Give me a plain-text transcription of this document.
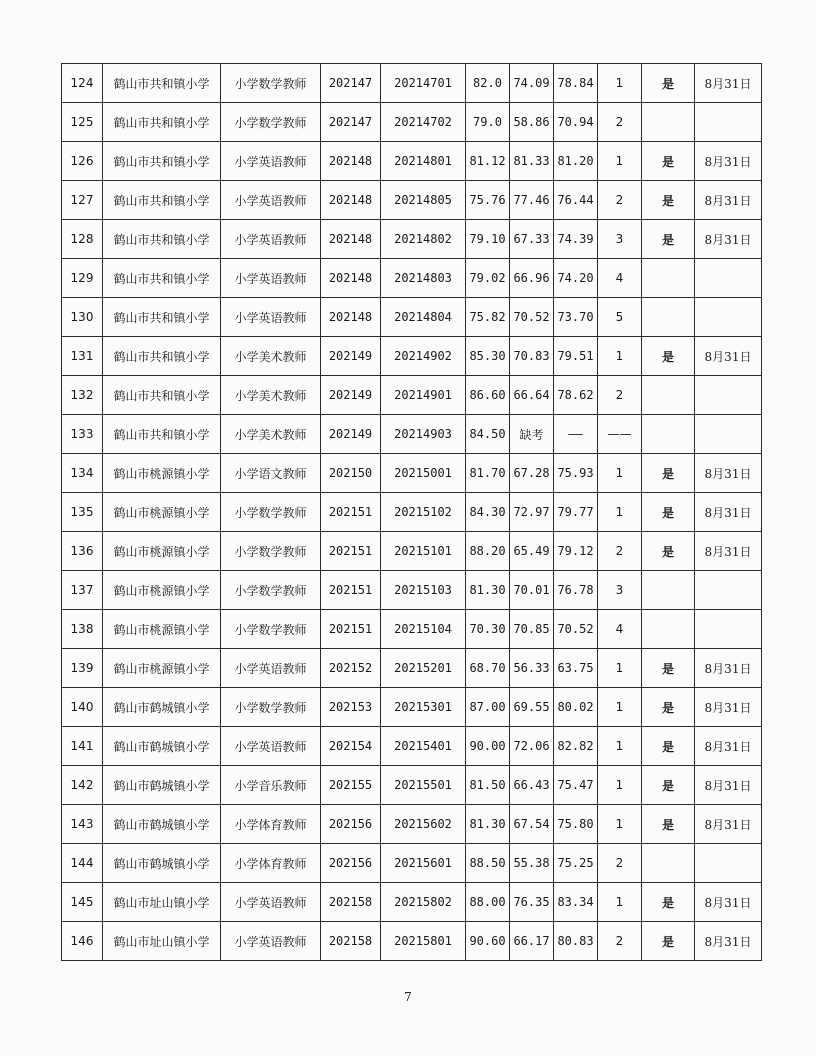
124	鹤山市共和镇小学	小学数学教师	202147	20214701	82.0	74.09	78.84	1	是	8月31日
125	鹤山市共和镇小学	小学数学教师	202147	20214702	79.0	58.86	70.94	2		
126	鹤山市共和镇小学	小学英语教师	202148	20214801	81.12	81.33	81.20	1	是	8月31日
127	鹤山市共和镇小学	小学英语教师	202148	20214805	75.76	77.46	76.44	2	是	8月31日
128	鹤山市共和镇小学	小学英语教师	202148	20214802	79.10	67.33	74.39	3	是	8月31日
129	鹤山市共和镇小学	小学英语教师	202148	20214803	79.02	66.96	74.20	4		
130	鹤山市共和镇小学	小学英语教师	202148	20214804	75.82	70.52	73.70	5		
131	鹤山市共和镇小学	小学美术教师	202149	20214902	85.30	70.83	79.51	1	是	8月31日
132	鹤山市共和镇小学	小学美术教师	202149	20214901	86.60	66.64	78.62	2		
133	鹤山市共和镇小学	小学美术教师	202149	20214903	84.50	缺考	——	——		
134	鹤山市桃源镇小学	小学语文教师	202150	20215001	81.70	67.28	75.93	1	是	8月31日
135	鹤山市桃源镇小学	小学数学教师	202151	20215102	84.30	72.97	79.77	1	是	8月31日
136	鹤山市桃源镇小学	小学数学教师	202151	20215101	88.20	65.49	79.12	2	是	8月31日
137	鹤山市桃源镇小学	小学数学教师	202151	20215103	81.30	70.01	76.78	3		
138	鹤山市桃源镇小学	小学数学教师	202151	20215104	70.30	70.85	70.52	4		
139	鹤山市桃源镇小学	小学英语教师	202152	20215201	68.70	56.33	63.75	1	是	8月31日
140	鹤山市鹤城镇小学	小学数学教师	202153	20215301	87.00	69.55	80.02	1	是	8月31日
141	鹤山市鹤城镇小学	小学英语教师	202154	20215401	90.00	72.06	82.82	1	是	8月31日
142	鹤山市鹤城镇小学	小学音乐教师	202155	20215501	81.50	66.43	75.47	1	是	8月31日
143	鹤山市鹤城镇小学	小学体育教师	202156	20215602	81.30	67.54	75.80	1	是	8月31日
144	鹤山市鹤城镇小学	小学体育教师	202156	20215601	88.50	55.38	75.25	2		
145	鹤山市址山镇小学	小学英语教师	202158	20215802	88.00	76.35	83.34	1	是	8月31日
146	鹤山市址山镇小学	小学英语教师	202158	20215801	90.60	66.17	80.83	2	是	8月31日
7
